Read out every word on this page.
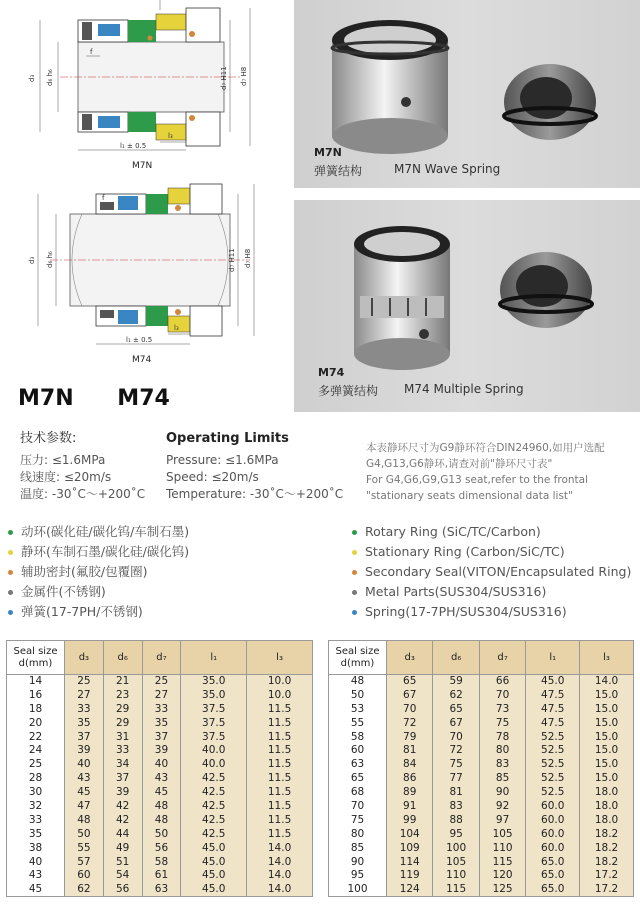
d₃ d₆ h₆	d₇ H11 d₇ H8
f
l₁ ± 0.5
l₃
M7N
d₃ d₆ h₆	d₇ H11 d₇ H8
f
l₁ ± 0.5
l₃
M74
M7N
弹簧结构	M7N Wave Spring
M74
多弹簧结构 M74 Multiple Spring
M7N M74
技术参数:	Operating Limits
压力: ≤1.6MPa
线速度: ≤20m/s
温度: -30˚C～+200˚C
Pressure: ≤1.6MPa
Speed: ≤20m/s
Temperature: -30˚C～+200˚C
本表静环尺寸为G9静环符合DIN24960,如用户选配G4,G13,G6静环,请查对前"静环尺寸表"
For G4,G6,G9,G13 seat,refer to the frontal "stationary seats dimensional data list"
动环(碳化硅/碳化钨/车制石墨)
静环(车制石墨/碳化硅/碳化钨)
辅助密封(氟胶/包覆圈)
金属件(不锈钢)
弹簧(17-7PH/不锈钢)
Rotary Ring (SiC/TC/Carbon)
Stationary Ring (Carbon/SiC/TC)
Secondary Seal(VITON/Encapsulated Ring)
Metal Parts(SUS304/SUS316)
Spring(17-7PH/SUS304/SUS316)
Seal size
d(mm)	d₃	d₆	d₇	l₁	l₃
14	25	21	25	35.0	10.0
16	27	23	27	35.0	10.0
18	33	29	33	37.5	11.5
20	35	29	35	37.5	11.5
22	37	31	37	37.5	11.5
24	39	33	39	40.0	11.5
25	40	34	40	40.0	11.5
28	43	37	43	42.5	11.5
30	45	39	45	42.5	11.5
32	47	42	48	42.5	11.5
33	48	42	48	42.5	11.5
35	50	44	50	42.5	11.5
38	55	49	56	45.0	14.0
40	57	51	58	45.0	14.0
43	60	54	61	45.0	14.0
45	62	56	63	45.0	14.0
Seal size
d(mm)	d₃	d₆	d₇	l₁	l₃
48	65	59	66	45.0	14.0
50	67	62	70	47.5	15.0
53	70	65	73	47.5	15.0
55	72	67	75	47.5	15.0
58	79	70	78	52.5	15.0
60	81	72	80	52.5	15.0
63	84	75	83	52.5	15.0
65	86	77	85	52.5	15.0
68	89	81	90	52.5	18.0
70	91	83	92	60.0	18.0
75	99	88	97	60.0	18.0
80	104	95	105	60.0	18.2
85	109	100	110	60.0	18.2
90	114	105	115	65.0	18.2
95	119	110	120	65.0	17.2
100	124	115	125	65.0	17.2
